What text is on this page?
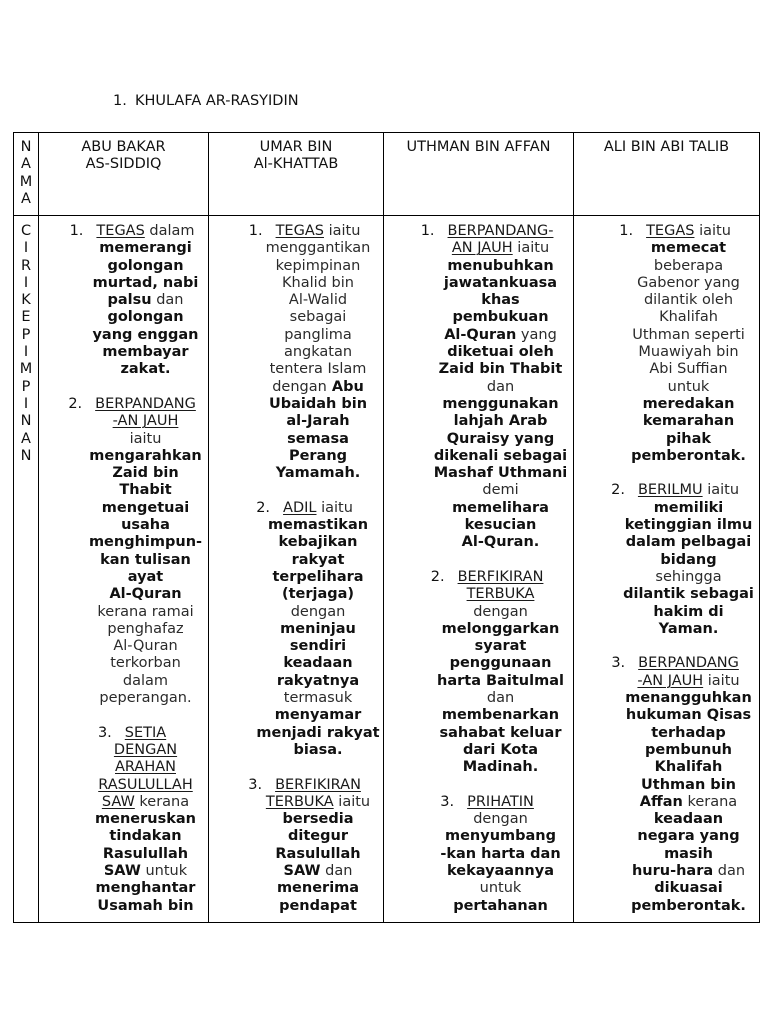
1. KHULAFA AR-RASYIDIN
N
A
M
A
ABU BAKAR
AS-SIDDIQ
UMAR BIN
Al-KHATTAB
UTHMAN BIN AFFAN	ALI BIN ABI TALIB
C
I
R
I
K
E
P
I
M
P
I
N
A
N
1. TEGAS dalam
memerangi
golongan
murtad, nabi
palsu dan
golongan
yang enggan
membayar
zakat.
2. BERPANDANG
-AN JAUH
iaitu
mengarahkan
Zaid bin
Thabit
mengetuai
usaha
menghimpun-
kan tulisan
ayat
Al-Quran
kerana ramai
penghafaz
Al-Quran
terkorban
dalam
peperangan.
3. SETIA
DENGAN
ARAHAN
RASULULLAH
SAW kerana
meneruskan
tindakan
Rasulullah
SAW untuk
menghantar
Usamah bin
1. TEGAS iaitu
menggantikan
kepimpinan
Khalid bin
Al-Walid
sebagai
panglima
angkatan
tentera Islam
dengan Abu
Ubaidah bin
al-Jarah
semasa
Perang
Yamamah.
2. ADIL iaitu
memastikan
kebajikan
rakyat
terpelihara
(terjaga)
dengan
meninjau
sendiri
keadaan
rakyatnya
termasuk
menyamar
menjadi rakyat
biasa.
3. BERFIKIRAN
TERBUKA iaitu
bersedia
ditegur
Rasulullah
SAW dan
menerima
pendapat
1. BERPANDANG-
AN JAUH iaitu
menubuhkan
jawatankuasa
khas
pembukuan
Al-Quran yang
diketuai oleh
Zaid bin Thabit
dan
menggunakan
lahjah Arab
Quraisy yang
dikenali sebagai
Mashaf Uthmani
demi
memelihara
kesucian
Al-Quran.
2. BERFIKIRAN
TERBUKA
dengan
melonggarkan
syarat
penggunaan
harta Baitulmal
dan
membenarkan
sahabat keluar
dari Kota
Madinah.
3. PRIHATIN
dengan
menyumbang
-kan harta dan
kekayaannya
untuk
pertahanan
1. TEGAS iaitu
memecat
beberapa
Gabenor yang
dilantik oleh
Khalifah
Uthman seperti
Muawiyah bin
Abi Suffian
untuk
meredakan
kemarahan
pihak
pemberontak.
2. BERILMU iaitu
memiliki
ketinggian ilmu
dalam pelbagai
bidang
sehingga
dilantik sebagai
hakim di
Yaman.
3. BERPANDANG
-AN JAUH iaitu
menangguhkan
hukuman Qisas
terhadap
pembunuh
Khalifah
Uthman bin
Affan kerana
keadaan
negara yang
masih
huru-hara dan
dikuasai
pemberontak.
